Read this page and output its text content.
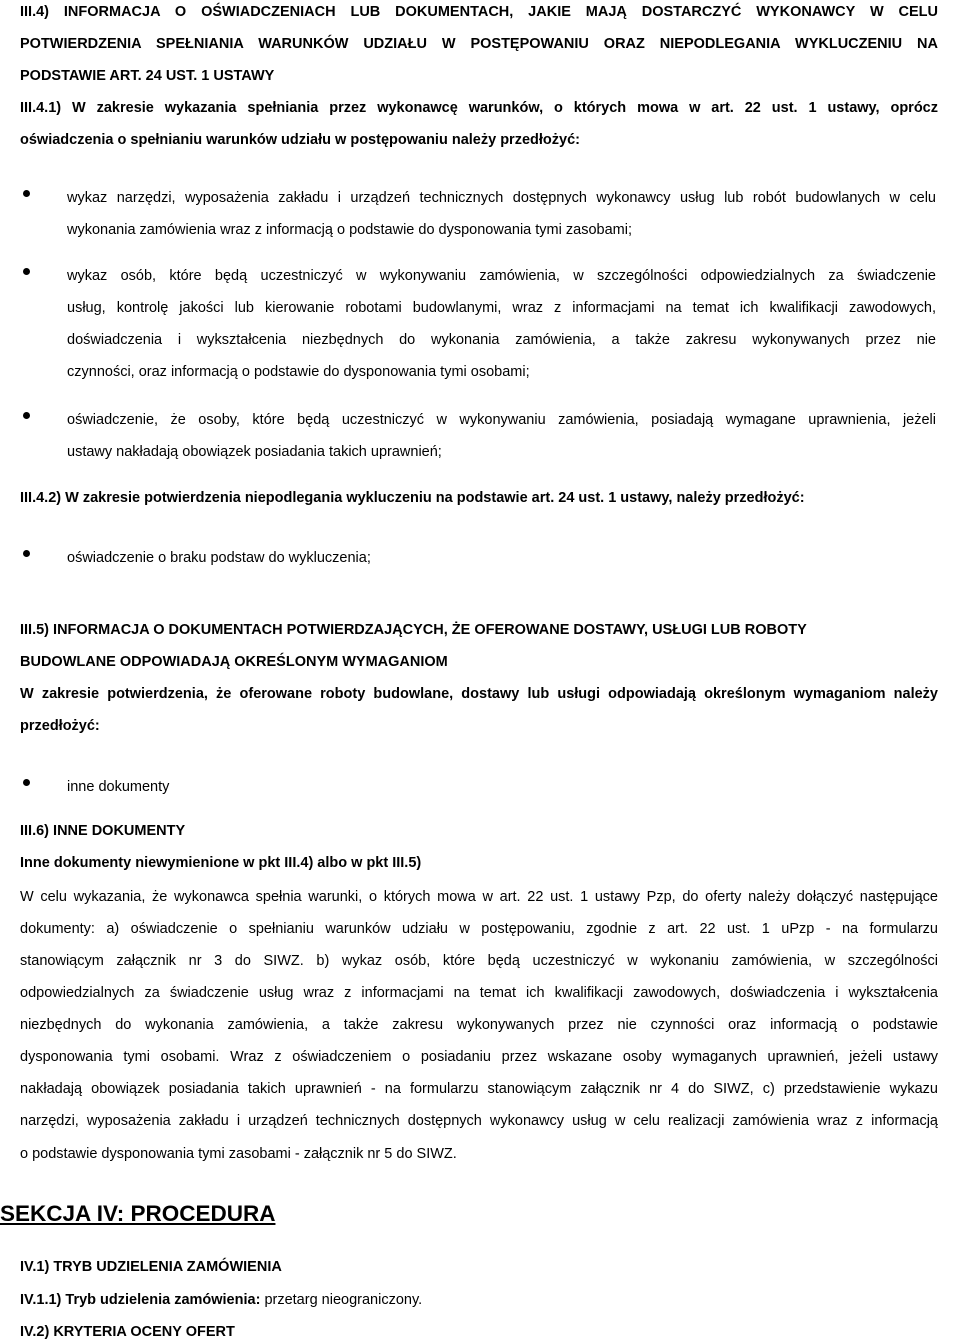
III.4) INFORMACJA O OŚWIADCZENIACH LUB DOKUMENTACH, JAKIE MAJĄ DOSTARCZYĆ WYKONAWCY W CELU
POTWIERDZENIA SPEŁNIANIA WARUNKÓW UDZIAŁU W POSTĘPOWANIU ORAZ NIEPODLEGANIA WYKLUCZENIU NA
PODSTAWIE ART. 24 UST. 1 USTAWY
III.4.1) W zakresie wykazania spełniania przez wykonawcę warunków, o których mowa w art. 22 ust. 1 ustawy, oprócz
oświadczenia o spełnianiu warunków udziału w postępowaniu należy przedłożyć:
wykaz narzędzi, wyposażenia zakładu i urządzeń technicznych dostępnych wykonawcy usług lub robót budowlanych w celu
wykonania zamówienia wraz z informacją o podstawie do dysponowania tymi zasobami;
wykaz osób, które będą uczestniczyć w wykonywaniu zamówienia, w szczególności odpowiedzialnych za świadczenie
usług, kontrolę jakości lub kierowanie robotami budowlanymi, wraz z informacjami na temat ich kwalifikacji zawodowych,
doświadczenia i wykształcenia niezbędnych do wykonania zamówienia, a także zakresu wykonywanych przez nie
czynności, oraz informacją o podstawie do dysponowania tymi osobami;
oświadczenie, że osoby, które będą uczestniczyć w wykonywaniu zamówienia, posiadają wymagane uprawnienia, jeżeli
ustawy nakładają obowiązek posiadania takich uprawnień;
III.4.2) W zakresie potwierdzenia niepodlegania wykluczeniu na podstawie art. 24 ust. 1 ustawy, należy przedłożyć:
oświadczenie o braku podstaw do wykluczenia;
III.5) INFORMACJA O DOKUMENTACH POTWIERDZAJĄCYCH, ŻE OFEROWANE DOSTAWY, USŁUGI LUB ROBOTY
BUDOWLANE ODPOWIADAJĄ OKREŚLONYM WYMAGANIOM
W zakresie potwierdzenia, że oferowane roboty budowlane, dostawy lub usługi odpowiadają określonym wymaganiom należy
przedłożyć:
inne dokumenty
III.6) INNE DOKUMENTY
Inne dokumenty niewymienione w pkt III.4) albo w pkt III.5)
W celu wykazania, że wykonawca spełnia warunki, o których mowa w art. 22 ust. 1 ustawy Pzp, do oferty należy dołączyć następujące
dokumenty: a) oświadczenie o spełnianiu warunków udziału w postępowaniu, zgodnie z art. 22 ust. 1 uPzp - na formularzu
stanowiącym załącznik nr 3 do SIWZ. b) wykaz osób, które będą uczestniczyć w wykonaniu zamówienia, w szczególności
odpowiedzialnych za świadczenie usług wraz z informacjami na temat ich kwalifikacji zawodowych, doświadczenia i wykształcenia
niezbędnych do wykonania zamówienia, a także zakresu wykonywanych przez nie czynności oraz informacją o podstawie
dysponowania tymi osobami. Wraz z oświadczeniem o posiadaniu przez wskazane osoby wymaganych uprawnień, jeżeli ustawy
nakładają obowiązek posiadania takich uprawnień - na formularzu stanowiącym załącznik nr 4 do SIWZ, c) przedstawienie wykazu
narzędzi, wyposażenia zakładu i urządzeń technicznych dostępnych wykonawcy usług w celu realizacji zamówienia wraz z informacją
o podstawie dysponowania tymi zasobami - załącznik nr 5 do SIWZ.
SEKCJA IV: PROCEDURA
IV.1) TRYB UDZIELENIA ZAMÓWIENIA
IV.1.1) Tryb udzielenia zamówienia: przetarg nieograniczony.
IV.2) KRYTERIA OCENY OFERT
